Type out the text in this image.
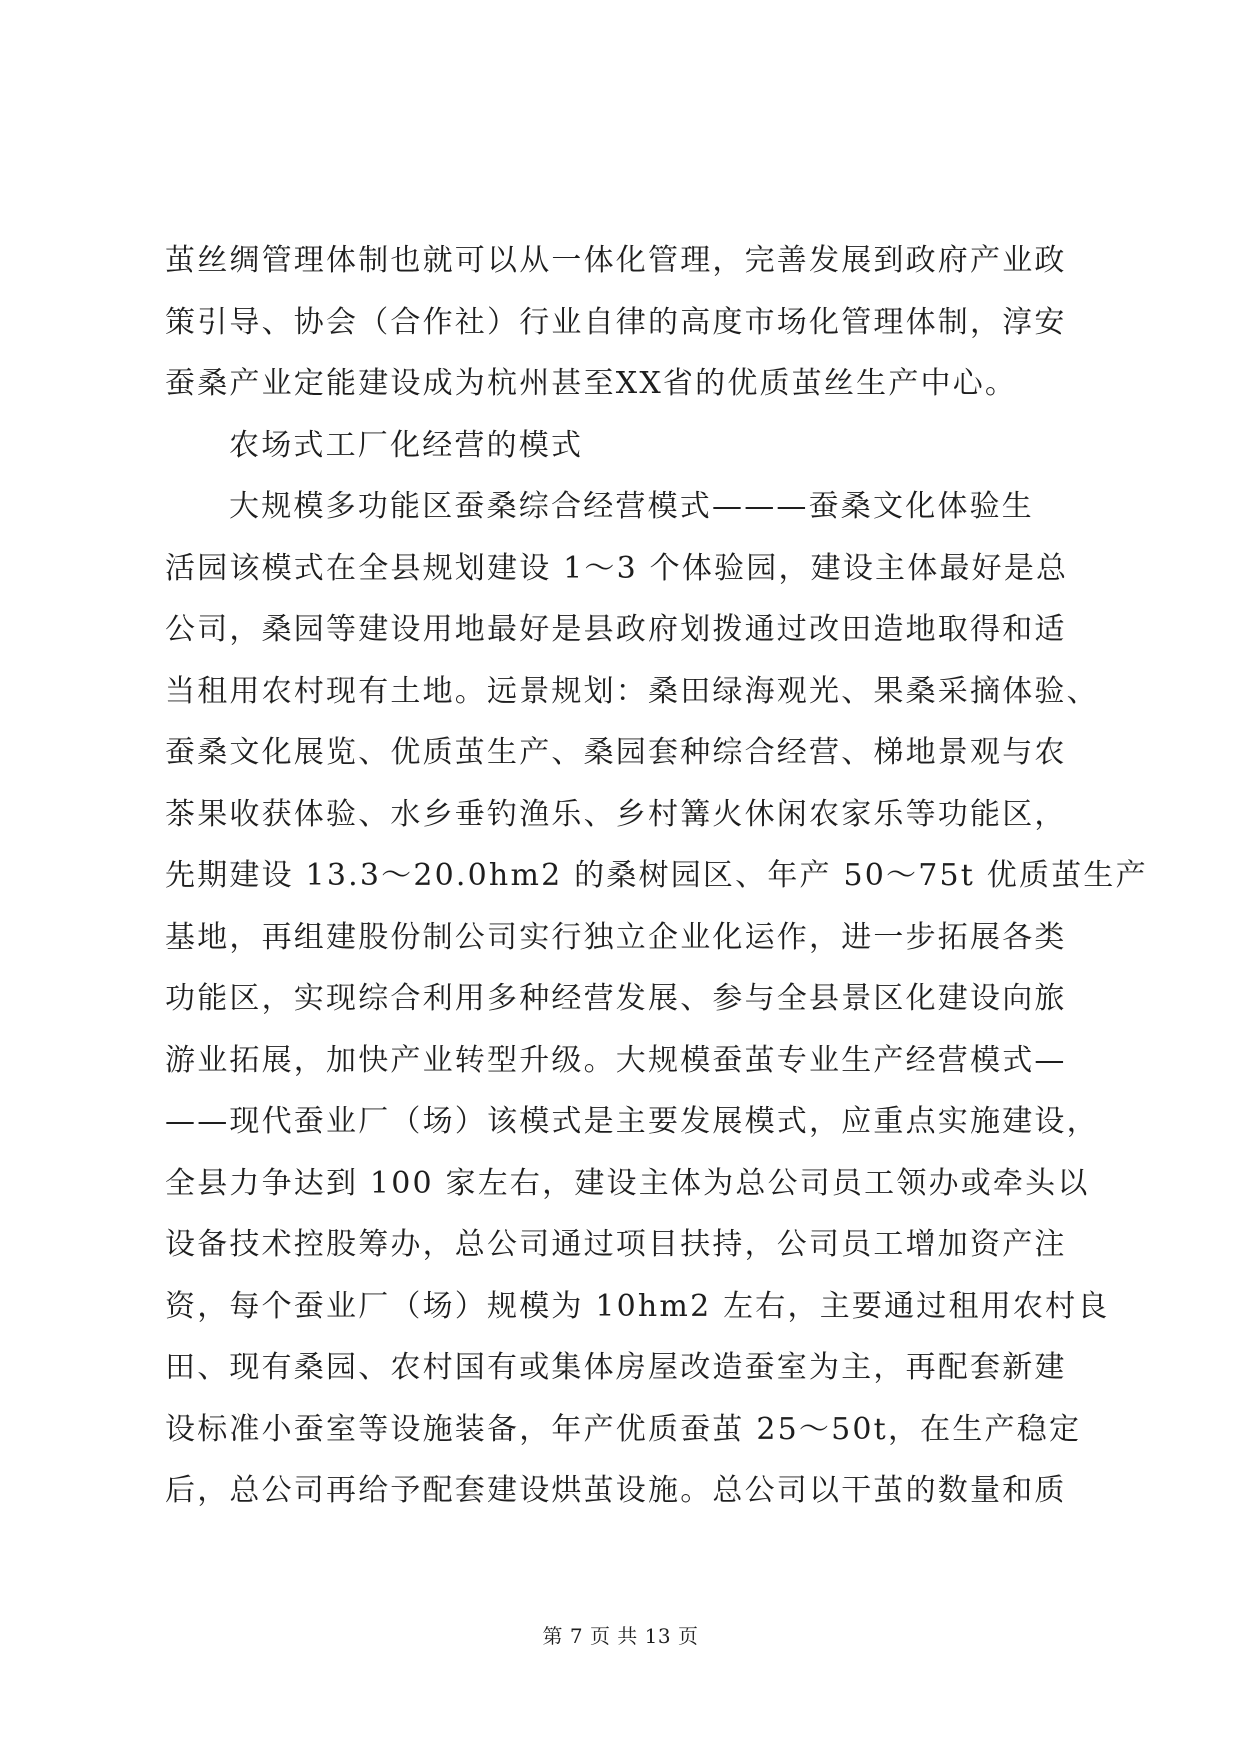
茧丝绸管理体制也就可以从一体化管理，完善发展到政府产业政
策引导、协会（合作社）行业自律的高度市场化管理体制，淳安
蚕桑产业定能建设成为杭州甚至XX省的优质茧丝生产中心。
农场式工厂化经营的模式
大规模多功能区蚕桑综合经营模式———蚕桑文化体验生
活园该模式在全县规划建设 1～3 个体验园，建设主体最好是总
公司，桑园等建设用地最好是县政府划拨通过改田造地取得和适
当租用农村现有土地。远景规划：桑田绿海观光、果桑采摘体验、
蚕桑文化展览、优质茧生产、桑园套种综合经营、梯地景观与农
茶果收获体验、水乡垂钓渔乐、乡村篝火休闲农家乐等功能区，
先期建设 13.3～20.0hm2 的桑树园区、年产 50～75t 优质茧生产
基地，再组建股份制公司实行独立企业化运作，进一步拓展各类
功能区，实现综合利用多种经营发展、参与全县景区化建设向旅
游业拓展，加快产业转型升级。大规模蚕茧专业生产经营模式—
——现代蚕业厂（场）该模式是主要发展模式，应重点实施建设，
全县力争达到 100 家左右，建设主体为总公司员工领办或牵头以
设备技术控股筹办，总公司通过项目扶持，公司员工增加资产注
资，每个蚕业厂（场）规模为 10hm2 左右，主要通过租用农村良
田、现有桑园、农村国有或集体房屋改造蚕室为主，再配套新建
设标准小蚕室等设施装备，年产优质蚕茧 25～50t，在生产稳定
后，总公司再给予配套建设烘茧设施。总公司以干茧的数量和质
第 7 页 共 13 页
